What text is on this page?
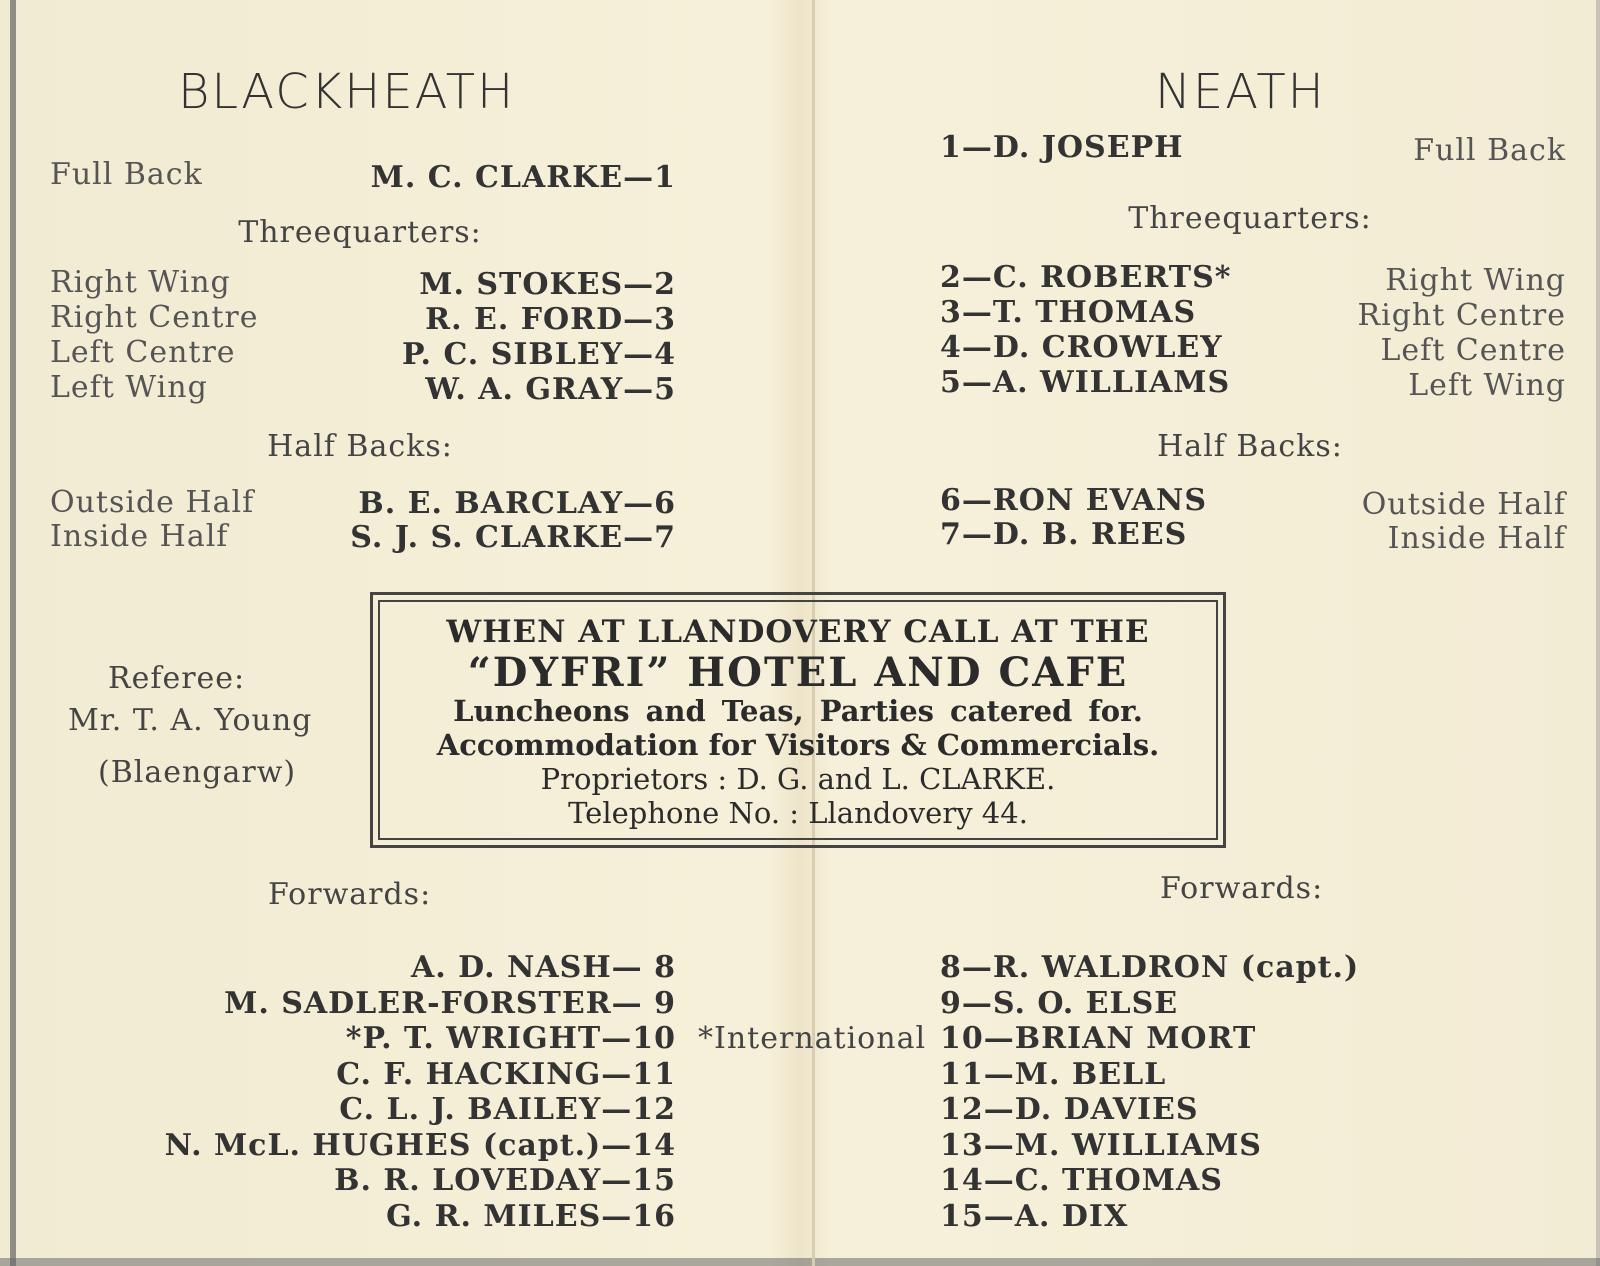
BLACKHEATH
Full Back	M. C. CLARKE—1
Threequarters:
Right Wing	M. STOKES—2
Right Centre	R. E. FORD—3
Left Centre	P. C. SIBLEY—4
Left Wing	W. A. GRAY—5
Half Backs:
Outside Half	B. E. BARCLAY—6
Inside Half	S. J. S. CLARKE—7
Referee:
Mr. T. A. Young
(Blaengarw)
WHEN AT LLANDOVERY CALL AT THE
“DYFRI” HOTEL AND CAFE
Luncheons and Teas, Parties catered for.
Accommodation for Visitors & Commercials.
Proprietors : D. G. and L. CLARKE.
Telephone No. : Llandovery 44.
Forwards:
A. D. NASH— 8
M. SADLER-FORSTER— 9
*P. T. WRIGHT—10
C. F. HACKING—11
C. L. J. BAILEY—12
N. McL. HUGHES (capt.)—14
B. R. LOVEDAY—15
G. R. MILES—16
*International
NEATH
1—D. JOSEPH	Full Back
Threequarters:
2—C. ROBERTS*	Right Wing
3—T. THOMAS	Right Centre
4—D. CROWLEY	Left Centre
5—A. WILLIAMS	Left Wing
Half Backs:
6—RON EVANS	Outside Half
7—D. B. REES	Inside Half
Forwards:
8—R. WALDRON (capt.)
9—S. O. ELSE
10—BRIAN MORT
11—M. BELL
12—D. DAVIES
13—M. WILLIAMS
14—C. THOMAS
15—A. DIX
